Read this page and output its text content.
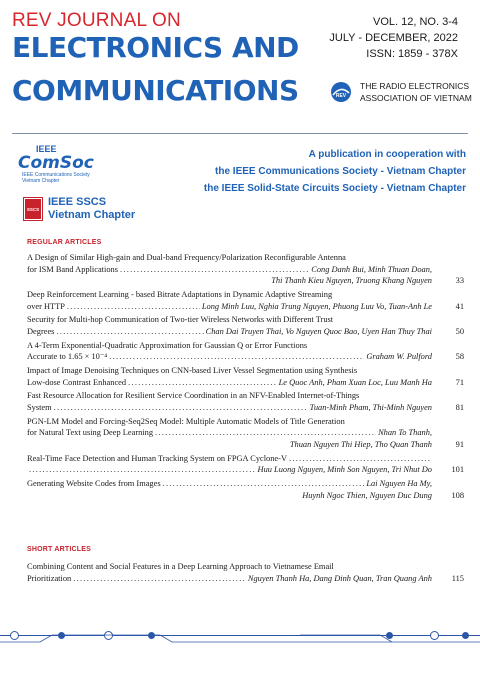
REV JOURNAL ON
ELECTRONICS AND
COMMUNICATIONS
VOL. 12, NO. 3-4
JULY - DECEMBER, 2022
ISSN: 1859 - 378X
REV
THE RADIO ELECTRONICS
ASSOCIATION OF VIETNAM
IEEE
ComSoc
IEEE Communications Society
Vietnam Chapter
SSCS
IEEE SSCS
Vietnam Chapter
A publication in cooperation with
the IEEE Communications Society - Vietnam Chapter
the IEEE Solid-State Circuits Society - Vietnam Chapter
REGULAR ARTICLES
A Design of Similar High-gain and Dual-band Frequency/Polarization Reconfigurable Antenna
for ISM Band Applications . . .	Cong Danh Bui, Minh Thuan Doan,
Thi Thanh Kieu Nguyen, Truong Khang Nguyen	33
Deep Reinforcement Learning - based Bitrate Adaptations in Dynamic Adaptive Streaming
over HTTP . . .	Long Minh Luu, Nghia Trung Nguyen, Phuong Luu Vo, Tuan-Anh Le	41
Security for Multi-hop Communication of Two-tier Wireless Networks with Different Trust
Degrees . . .	Chan Dai Truyen Thai, Vo Nguyen Quoc Bao, Uyen Han Thuy Thai	50
A 4-Term Exponential-Quadratic Approximation for Gaussian Q or Error Functions
Accurate to 1.65 × 10⁻⁴ . . .	Graham W. Pulford	58
Impact of Image Denoising Techniques on CNN-based Liver Vessel Segmentation using Synthesis
Low-dose Contrast Enhanced . . .	Le Quoc Anh, Pham Xuan Loc, Luu Manh Ha	71
Fast Resource Allocation for Resilient Service Coordination in an NFV-Enabled Internet-of-Things
System . . .	Tuan-Minh Pham, Thi-Minh Nguyen	81
PGN-LM Model and Forcing-Seq2Seq Model: Multiple Automatic Models of Title Generation
for Natural Text using Deep Learning . . .	Nhan To Thanh,
Thuan Nguyen Thi Hiep, Tho Quan Thanh	91
Real-Time Face Detection and Human Tracking System on FPGA Cyclone-V
. . .
. . .
Huu Luong Nguyen, Minh Son Nguyen, Tri Nhut Do	101
Generating Website Codes from Images . . .	Lai Nguyen Ha My,
Huynh Ngoc Thien, Nguyen Duc Dung	108
SHORT ARTICLES
Combining Content and Social Features in a Deep Learning Approach to Vietnamese Email
Prioritization . . .	Nguyen Thanh Ha, Dang Dinh Quan, Tran Quang Anh	115
